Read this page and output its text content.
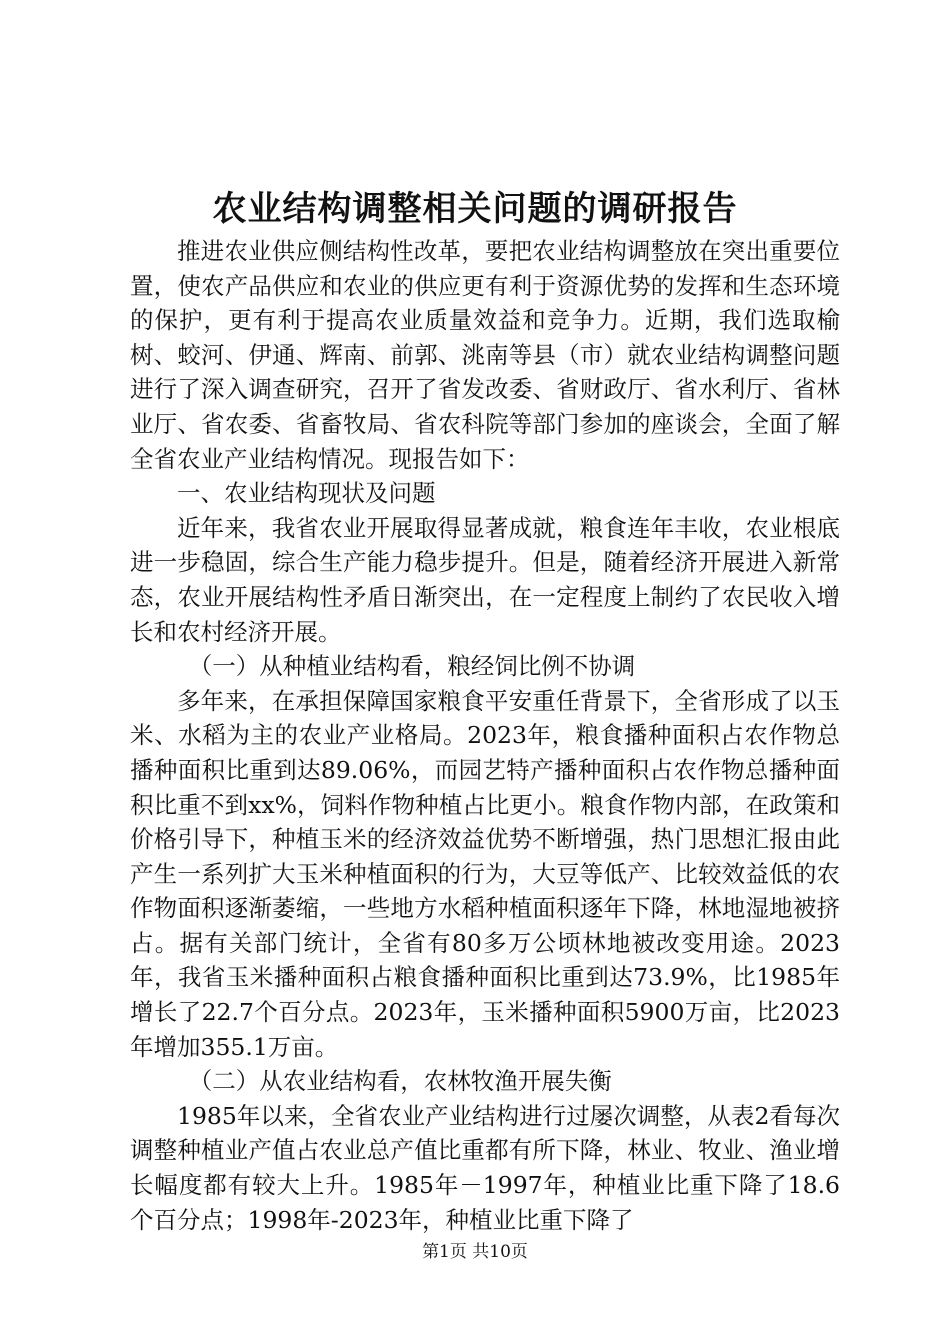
农业结构调整相关问题的调研报告

推进农业供应侧结构性改革，要把农业结构调整放在突出重要位置，使农产品供应和农业的供应更有利于资源优势的发挥和生态环境的保护，更有利于提高农业质量效益和竞争力。近期，我们选取榆树、蛟河、伊通、辉南、前郭、洮南等县（市）就农业结构调整问题进行了深入调查研究，召开了省发改委、省财政厅、省水利厅、省林业厅、省农委、省畜牧局、省农科院等部门参加的座谈会，全面了解全省农业产业结构情况。现报告如下：

一、农业结构现状及问题

近年来，我省农业开展取得显著成就，粮食连年丰收，农业根底进一步稳固，综合生产能力稳步提升。但是，随着经济开展进入新常态，农业开展结构性矛盾日渐突出，在一定程度上制约了农民收入增长和农村经济开展。

（一）从种植业结构看，粮经饲比例不协调

多年来，在承担保障国家粮食平安重任背景下，全省形成了以玉米、水稻为主的农业产业格局。2023年，粮食播种面积占农作物总播种面积比重到达89.06%，而园艺特产播种面积占农作物总播种面积比重不到xx%，饲料作物种植占比更小。粮食作物内部，在政策和价格引导下，种植玉米的经济效益优势不断增强，热门思想汇报由此产生一系列扩大玉米种植面积的行为，大豆等低产、比较效益低的农作物面积逐渐萎缩，一些地方水稻种植面积逐年下降，林地湿地被挤占。据有关部门统计，全省有80多万公顷林地被改变用途。2023年，我省玉米播种面积占粮食播种面积比重到达73.9%，比1985年增长了22.7个百分点。2023年，玉米播种面积5900万亩，比2023年增加355.1万亩。

（二）从农业结构看，农林牧渔开展失衡

1985年以来，全省农业产业结构进行过屡次调整，从表2看每次调整种植业产值占农业总产值比重都有所下降，林业、牧业、渔业增长幅度都有较大上升。1985年－1997年，种植业比重下降了18.6个百分点；1998年-2023年，种植业比重下降了

第1页 共10页
